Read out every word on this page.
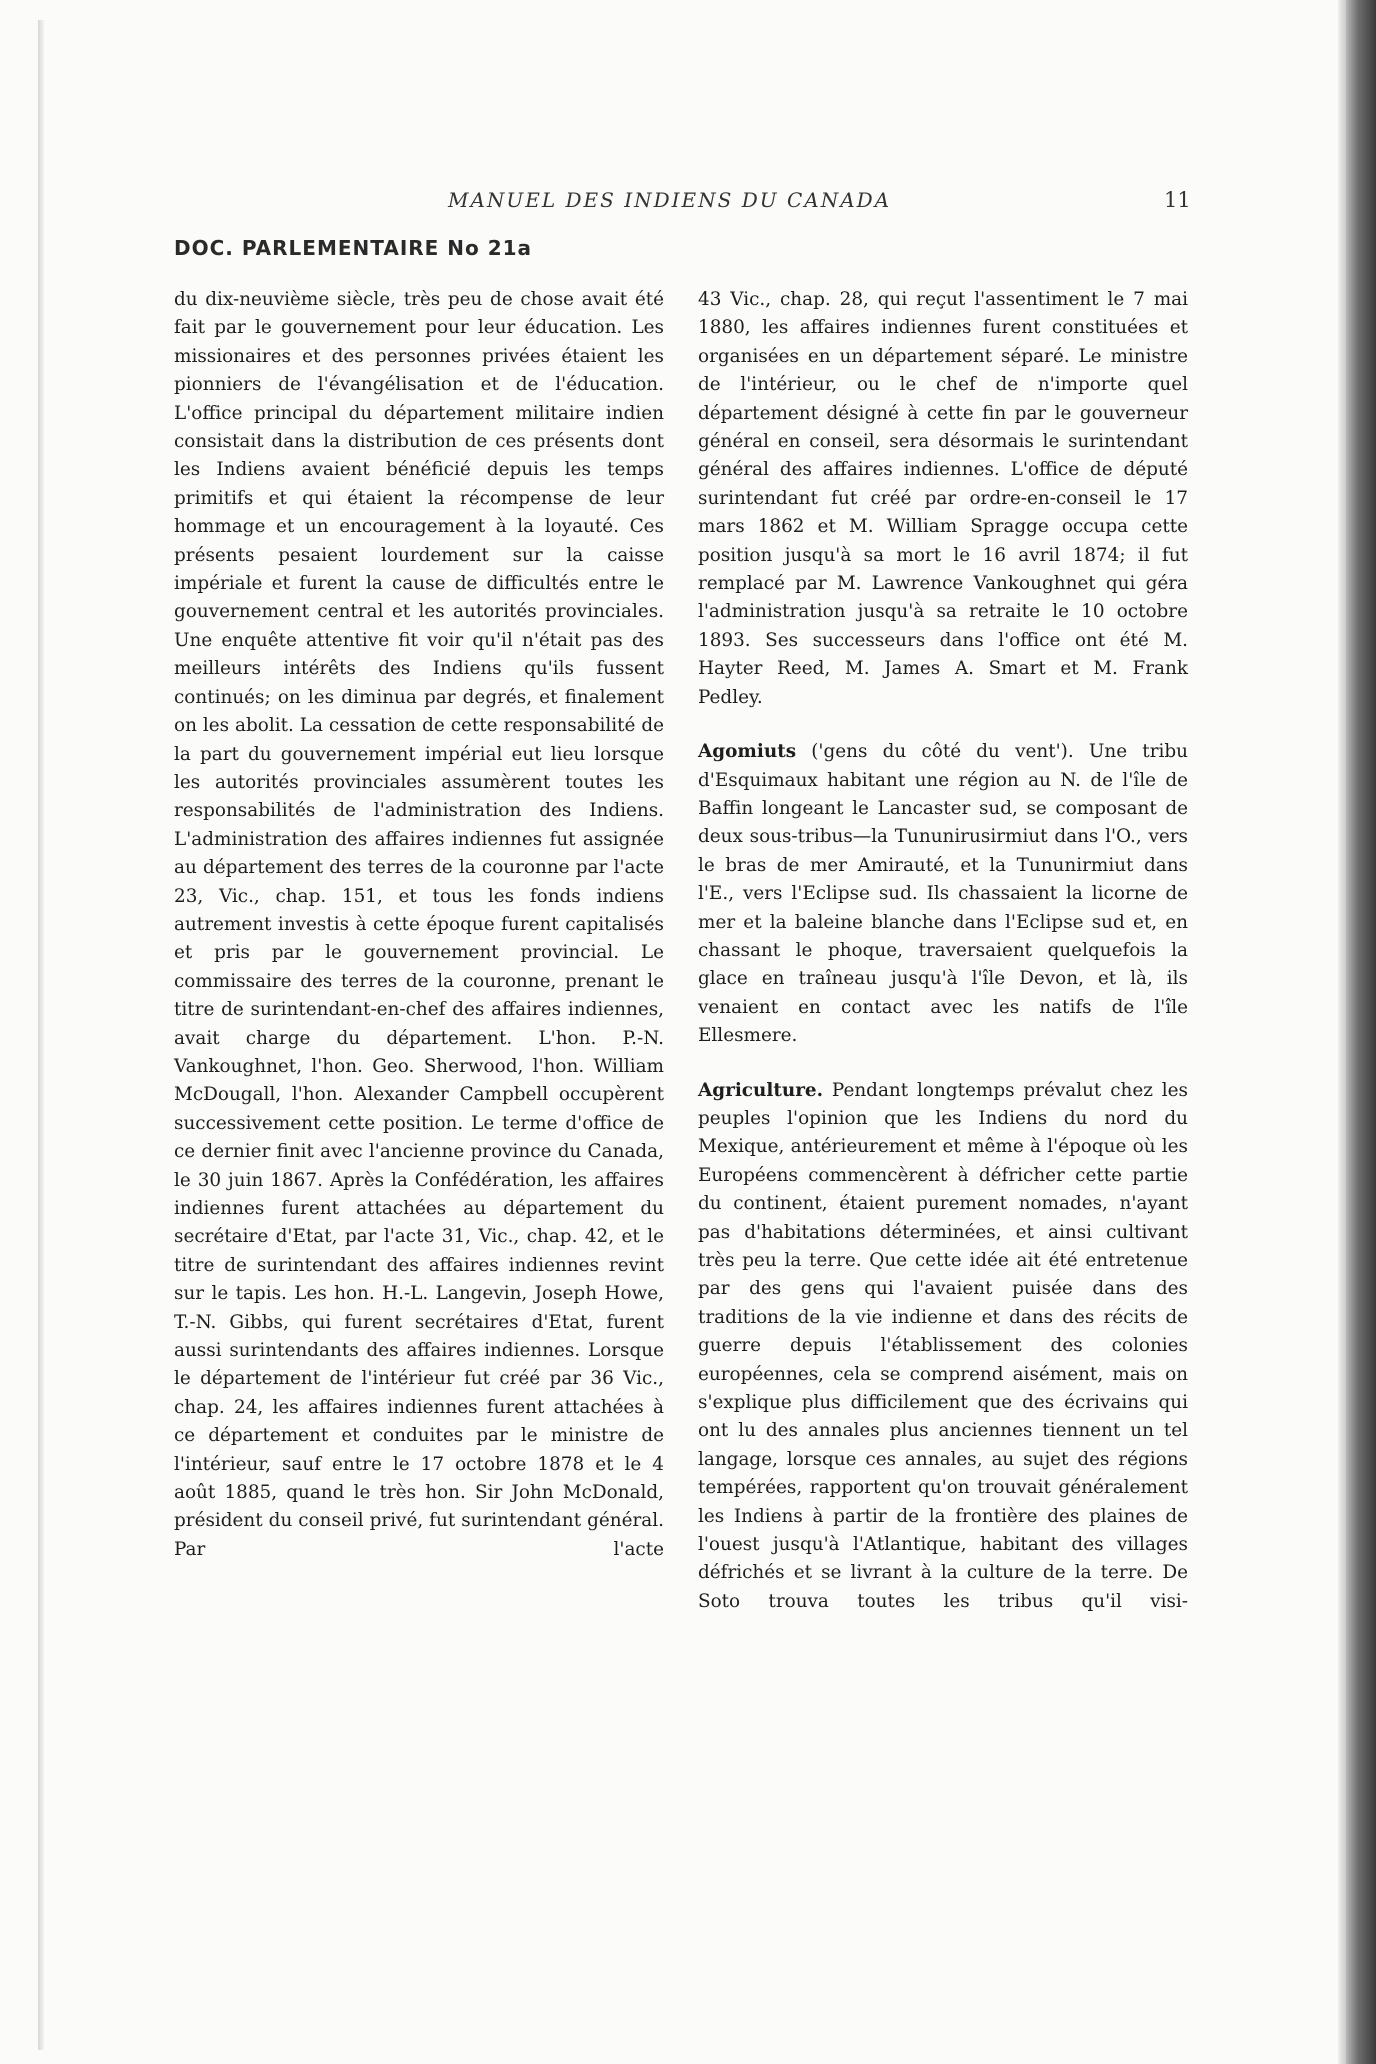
MANUEL DES INDIENS DU CANADA	11
DOC. PARLEMENTAIRE No 21a

du dix-neuvième siècle, très peu de chose avait été fait par le gouvernement pour leur éducation. Les missionaires et des personnes privées étaient les pionniers de l'évangélisation et de l'éducation. L'office principal du département militaire indien consistait dans la distribution de ces présents dont les Indiens avaient bénéficié depuis les temps primitifs et qui étaient la récompense de leur hommage et un encouragement à la loyauté. Ces présents pesaient lourdement sur la caisse impériale et furent la cause de difficultés entre le gouvernement central et les autorités provinciales. Une enquête attentive fit voir qu'il n'était pas des meilleurs intérêts des Indiens qu'ils fussent continués; on les diminua par degrés, et finalement on les abolit. La cessation de cette responsabilité de la part du gouvernement impérial eut lieu lorsque les autorités provinciales assumèrent toutes les responsabilités de l'administration des Indiens. L'administration des affaires indiennes fut assignée au département des terres de la couronne par l'acte 23, Vic., chap. 151, et tous les fonds indiens autrement investis à cette époque furent capitalisés et pris par le gouvernement provincial. Le commissaire des terres de la couronne, prenant le titre de surintendant-en-chef des affaires indiennes, avait charge du département. L'hon. P.-N. Vankoughnet, l'hon. Geo. Sherwood, l'hon. William McDougall, l'hon. Alexander Campbell occupèrent successivement cette position. Le terme d'office de ce dernier finit avec l'ancienne province du Canada, le 30 juin 1867. Après la Confédération, les affaires indiennes furent attachées au département du secrétaire d'Etat, par l'acte 31, Vic., chap. 42, et le titre de surintendant des affaires indiennes revint sur le tapis. Les hon. H.-L. Langevin, Joseph Howe, T.-N. Gibbs, qui furent secrétaires d'Etat, furent aussi surintendants des affaires indiennes. Lorsque le département de l'intérieur fut créé par 36 Vic., chap. 24, les affaires indiennes furent attachées à ce département et conduites par le ministre de l'intérieur, sauf entre le 17 octobre 1878 et le 4 août 1885, quand le très hon. Sir John McDonald, président du conseil privé, fut surintendant général. Par l'acte

43 Vic., chap. 28, qui reçut l'assentiment le 7 mai 1880, les affaires indiennes furent constituées et organisées en un département séparé. Le ministre de l'intérieur, ou le chef de n'importe quel département désigné à cette fin par le gouverneur général en conseil, sera désormais le surintendant général des affaires indiennes. L'office de député surintendant fut créé par ordre-en-conseil le 17 mars 1862 et M. William Spragge occupa cette position jusqu'à sa mort le 16 avril 1874; il fut remplacé par M. Lawrence Vankoughnet qui géra l'administration jusqu'à sa retraite le 10 octobre 1893. Ses successeurs dans l'office ont été M. Hayter Reed, M. James A. Smart et M. Frank Pedley.

Agomiuts ('gens du côté du vent'). Une tribu d'Esquimaux habitant une région au N. de l'île de Baffin longeant le Lancaster sud, se composant de deux sous-tribus—la Tununirusirmiut dans l'O., vers le bras de mer Amirauté, et la Tununirmiut dans l'E., vers l'Eclipse sud. Ils chassaient la licorne de mer et la baleine blanche dans l'Eclipse sud et, en chassant le phoque, traversaient quelquefois la glace en traîneau jusqu'à l'île Devon, et là, ils venaient en contact avec les natifs de l'île Ellesmere.

Agriculture. Pendant longtemps prévalut chez les peuples l'opinion que les Indiens du nord du Mexique, antérieurement et même à l'époque où les Européens commencèrent à défricher cette partie du continent, étaient purement nomades, n'ayant pas d'habitations déterminées, et ainsi cultivant très peu la terre. Que cette idée ait été entretenue par des gens qui l'avaient puisée dans des traditions de la vie indienne et dans des récits de guerre depuis l'établissement des colonies européennes, cela se comprend aisément, mais on s'explique plus difficilement que des écrivains qui ont lu des annales plus anciennes tiennent un tel langage, lorsque ces annales, au sujet des régions tempérées, rapportent qu'on trouvait généralement les Indiens à partir de la frontière des plaines de l'ouest jusqu'à l'Atlantique, habitant des villages défrichés et se livrant à la culture de la terre. De Soto trouva toutes les tribus qu'il visi-
